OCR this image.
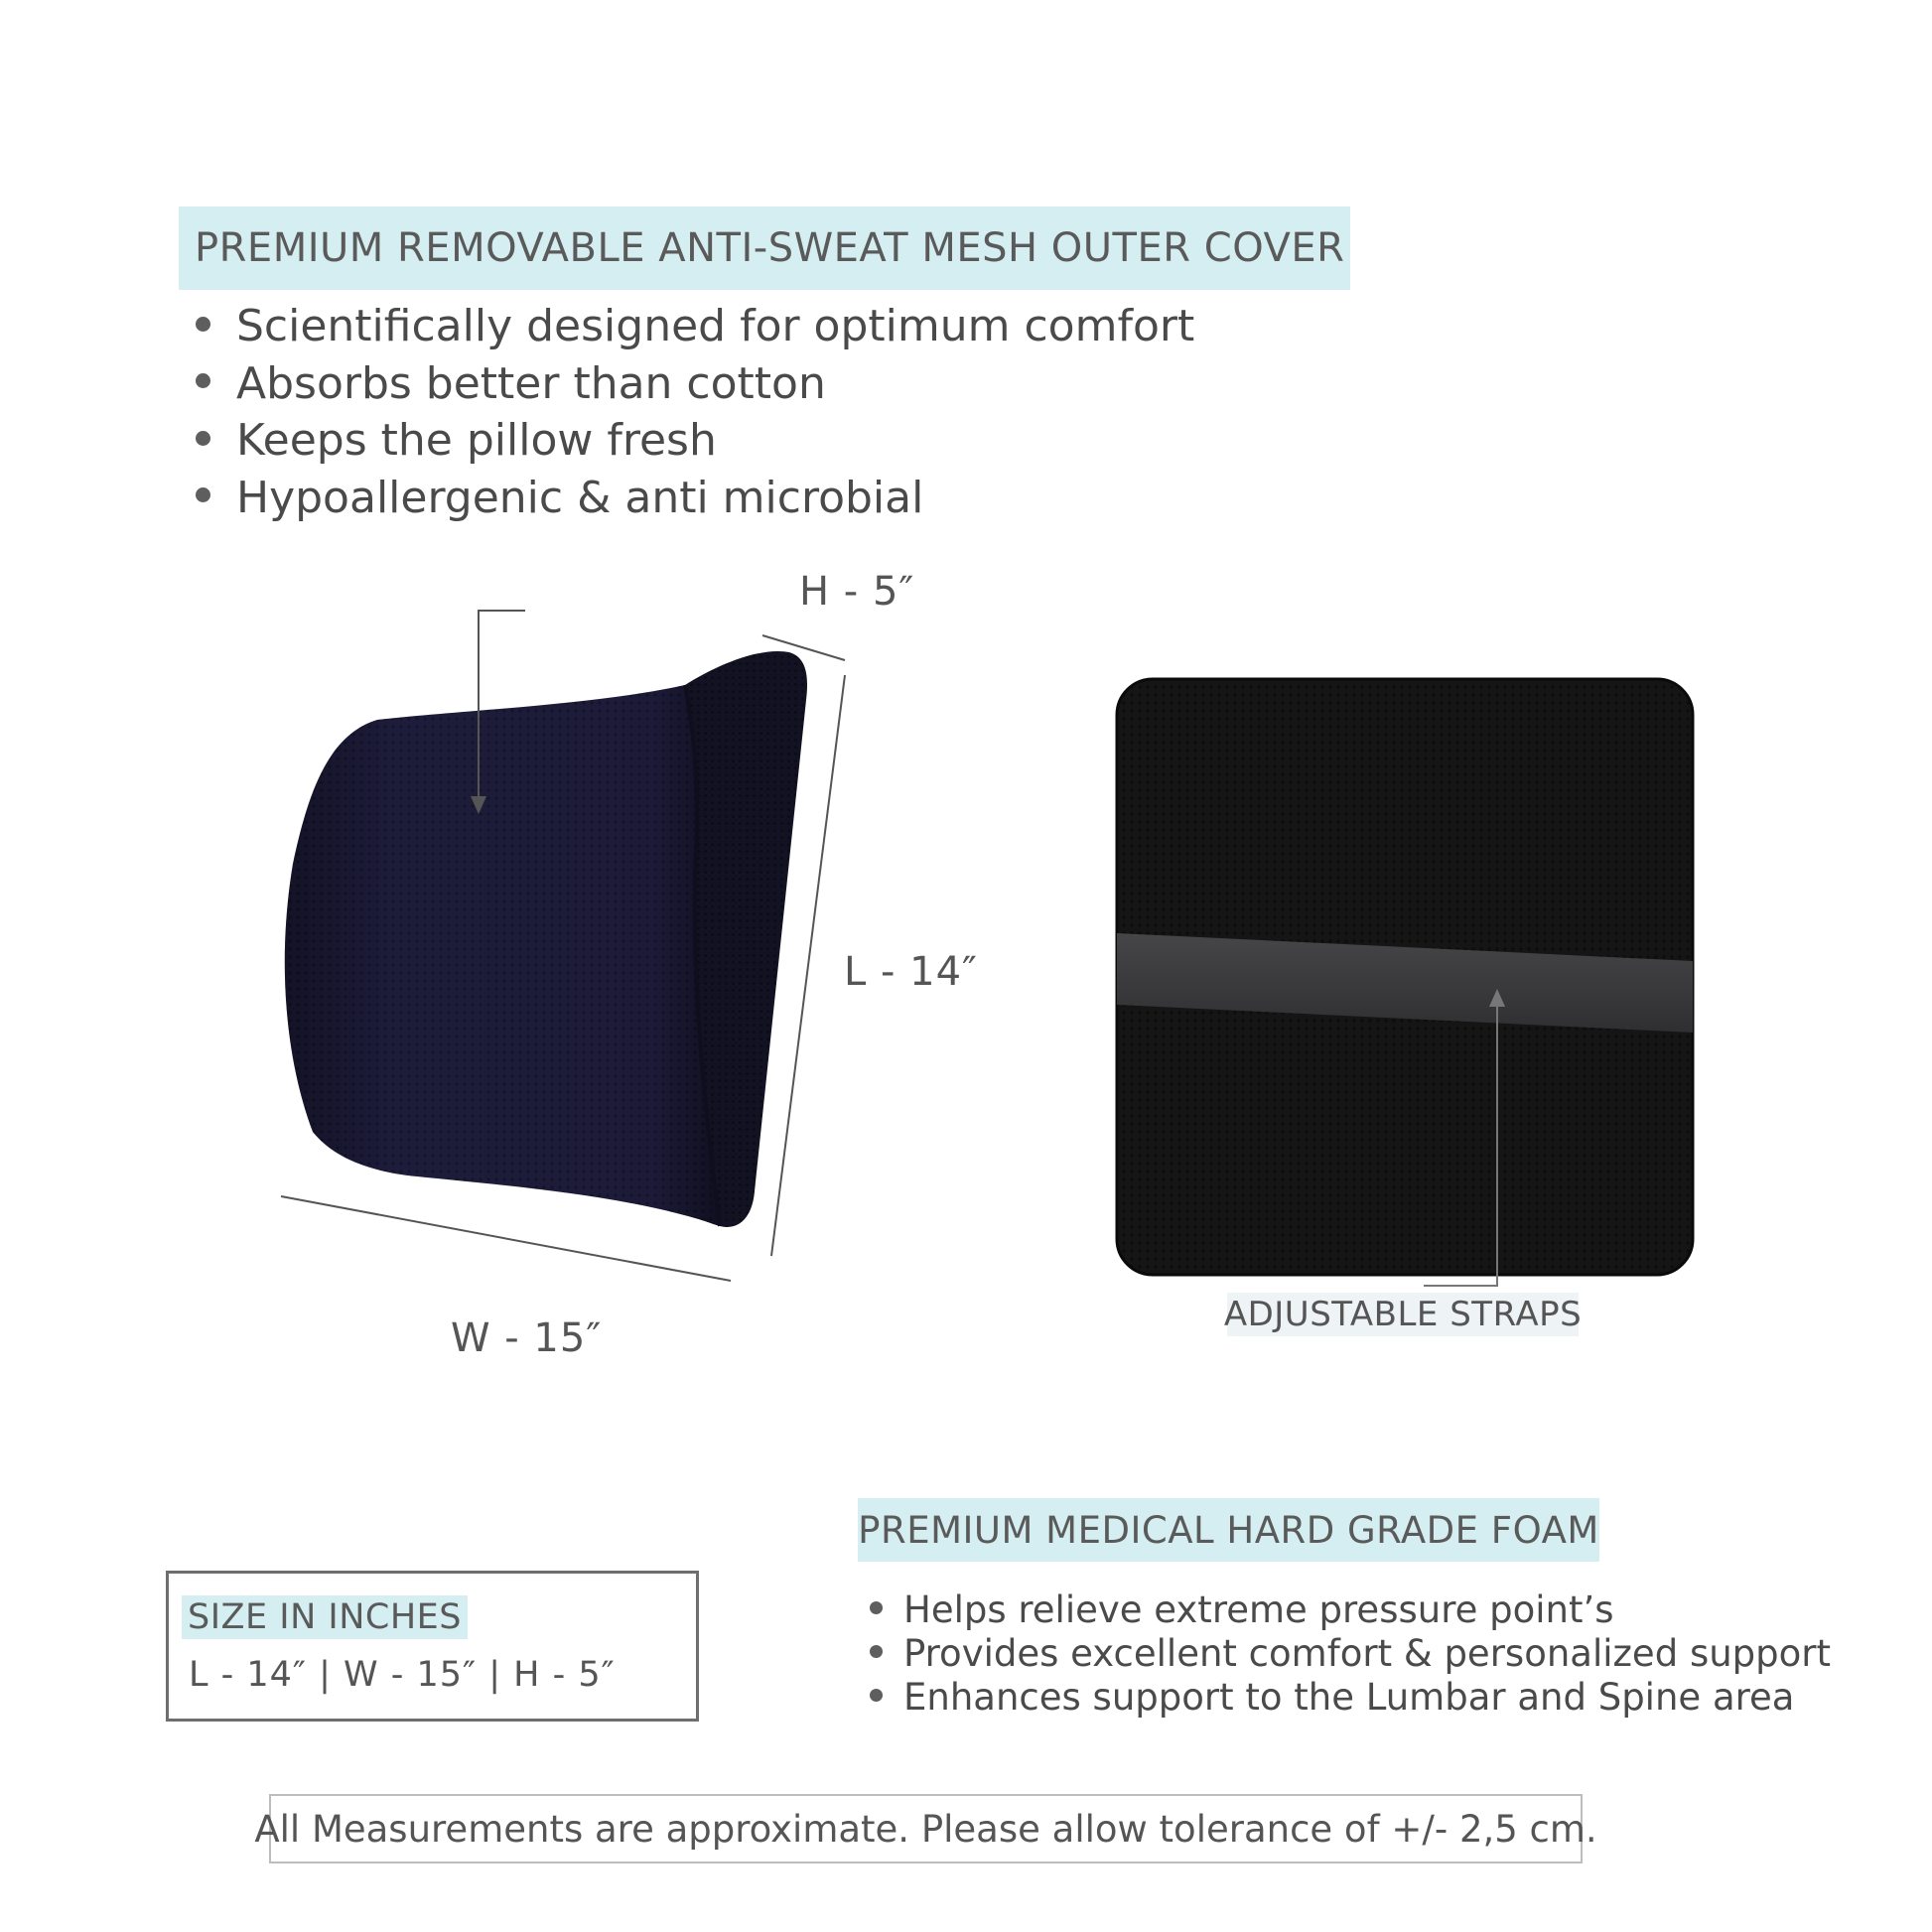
PREMIUM REMOVABLE ANTI-SWEAT MESH OUTER COVER
Scientifically designed for optimum comfort
Absorbs better than cotton
Keeps the pillow fresh
Hypoallergenic & anti microbial
H - 5″
L - 14″
W - 15″
ADJUSTABLE STRAPS
SIZE IN INCHES
L - 14″ | W - 15″ | H - 5″
PREMIUM MEDICAL HARD GRADE FOAM
Helps relieve extreme pressure point’s
Provides excellent comfort & personalized support
Enhances support to the Lumbar and Spine area
All Measurements are approximate. Please allow tolerance of +/- 2,5 cm.
